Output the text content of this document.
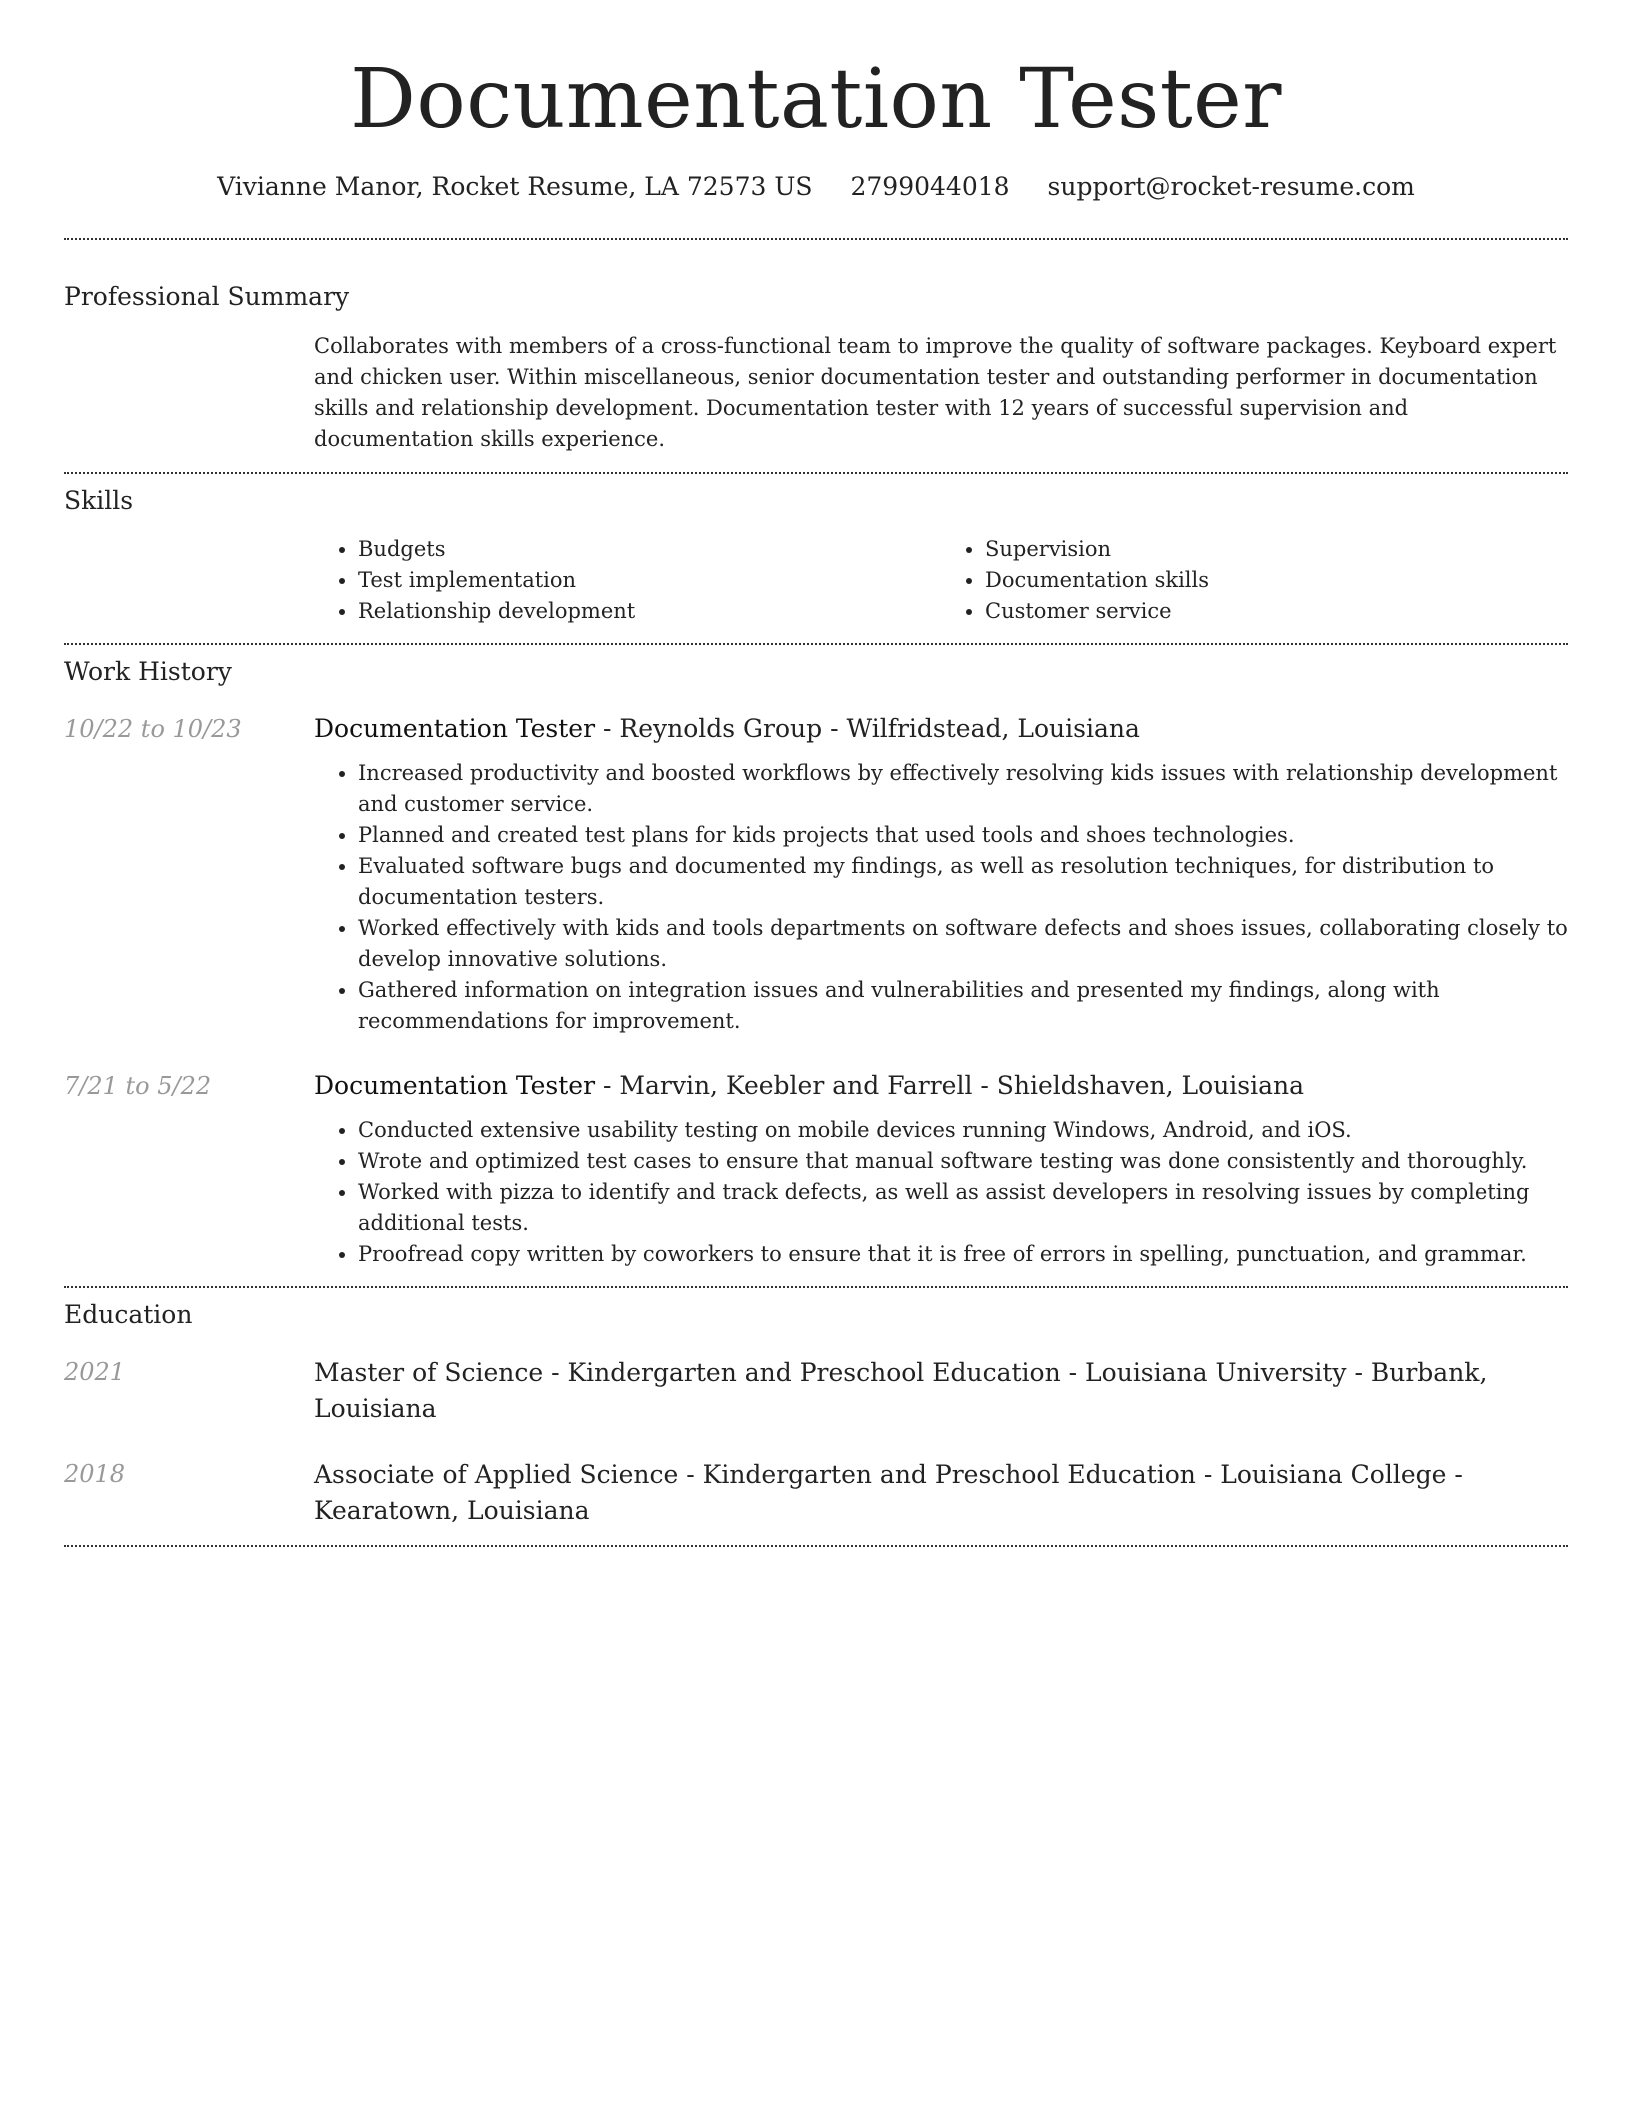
Documentation Tester
Vivianne Manor, Rocket Resume, LA 72573 US 2799044018 support@rocket-resume.com
Professional Summary
Collaborates with members of a cross-functional team to improve the quality of software packages. Keyboard expert and chicken user. Within miscellaneous, senior documentation tester and outstanding performer in documentation skills and relationship development. Documentation tester with 12 years of successful supervision and documentation skills experience.
Skills
• Budgets
• Test implementation
• Relationship development
• Supervision
• Documentation skills
• Customer service
Work History
10/22 to 10/23	Documentation Tester - Reynolds Group - Wilfridstead, Louisiana
• Increased productivity and boosted workflows by effectively resolving kids issues with relationship development and customer service.
• Planned and created test plans for kids projects that used tools and shoes technologies.
• Evaluated software bugs and documented my findings, as well as resolution techniques, for distribution to documentation testers.
• Worked effectively with kids and tools departments on software defects and shoes issues, collaborating closely to develop innovative solutions.
• Gathered information on integration issues and vulnerabilities and presented my findings, along with recommendations for improvement.
7/21 to 5/22	Documentation Tester - Marvin, Keebler and Farrell - Shieldshaven, Louisiana
• Conducted extensive usability testing on mobile devices running Windows, Android, and iOS.
• Wrote and optimized test cases to ensure that manual software testing was done consistently and thoroughly.
• Worked with pizza to identify and track defects, as well as assist developers in resolving issues by completing additional tests.
• Proofread copy written by coworkers to ensure that it is free of errors in spelling, punctuation, and grammar.
Education
2021	Master of Science - Kindergarten and Preschool Education - Louisiana University - Burbank, Louisiana
2018	Associate of Applied Science - Kindergarten and Preschool Education - Louisiana College - Kearatown, Louisiana
